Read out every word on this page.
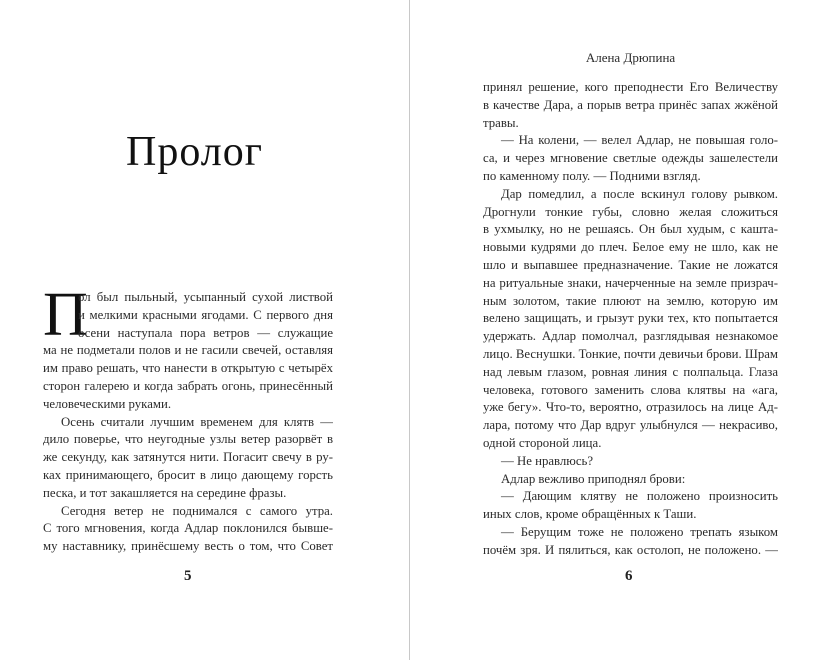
Пролог
П
ол был пыльный, усыпанный сухой листвой
и мелкими красными ягодами. С первого дня
осени наступала пора ветров — служащие
ма не подметали полов и не гасили свечей, оставляя
им право решать, что нанести в открытую с четырёх
сторон галерею и когда забрать огонь, принесённый
человеческими руками.
Осень считали лучшим временем для клятв —
дило поверье, что неугодные узлы ветер разорвёт в
же секунду, как затянутся нити. Погасит свечу в ру-
ках принимающего, бросит в лицо дающему горсть
песка, и тот закашляется на середине фразы.
Сегодня ветер не поднимался с самого утра.
С того мгновения, когда Адлар поклонился бывше-
му наставнику, принёсшему весть о том, что Совет
5
Алена Дрюпина
принял решение, кого преподнести Его Величеству
в качестве Дара, а порыв ветра принёс запах жжёной
травы.
— На колени, — велел Адлар, не повышая голо-
са, и через мгновение светлые одежды зашелестели
по каменному полу. — Подними взгляд.
Дар помедлил, а после вскинул голову рывком.
Дрогнули тонкие губы, словно желая сложиться
в ухмылку, но не решаясь. Он был худым, с кашта-
новыми кудрями до плеч. Белое ему не шло, как не
шло и выпавшее предназначение. Такие не ложатся
на ритуальные знаки, начерченные на земле призрач-
ным золотом, такие плюют на землю, которую им
велено защищать, и грызут руки тех, кто попытается
удержать. Адлар помолчал, разглядывая незнакомое
лицо. Веснушки. Тонкие, почти девичьи брови. Шрам
над левым глазом, ровная линия с полпальца. Глаза
человека, готового заменить слова клятвы на «ага,
уже бегу». Что-то, вероятно, отразилось на лице Ад-
лара, потому что Дар вдруг улыбнулся — некрасиво,
одной стороной лица.
— Не нравлюсь?
Адлар вежливо приподнял брови:
— Дающим клятву не положено произносить
иных слов, кроме обращённых к Таши.
— Берущим тоже не положено трепать языком
почём зря. И пялиться, как остолоп, не положено. —
6
